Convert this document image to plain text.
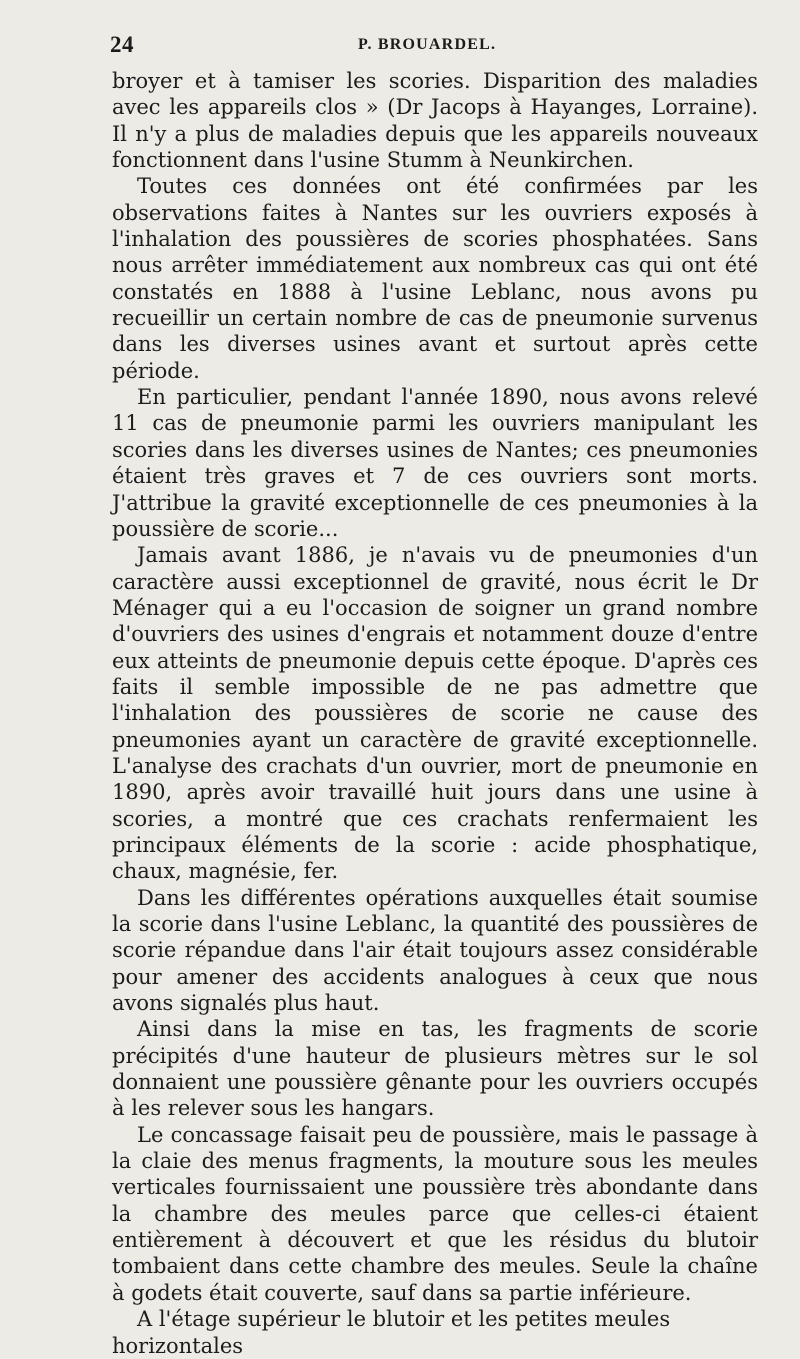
24	P. BROUARDEL.

broyer et à tamiser les scories. Disparition des maladies avec les appareils clos » (Dr Jacops à Hayanges, Lorraine). Il n'y a plus de maladies depuis que les appareils nouveaux fonctionnent dans l'usine Stumm à Neunkirchen.

Toutes ces données ont été confirmées par les observations faites à Nantes sur les ouvriers exposés à l'inhalation des poussières de scories phosphatées. Sans nous arrêter immédiatement aux nombreux cas qui ont été constatés en 1888 à l'usine Leblanc, nous avons pu recueillir un certain nombre de cas de pneumonie survenus dans les diverses usines avant et surtout après cette période.

En particulier, pendant l'année 1890, nous avons relevé 11 cas de pneumonie parmi les ouvriers manipulant les scories dans les diverses usines de Nantes; ces pneumonies étaient très graves et 7 de ces ouvriers sont morts. J'attribue la gravité exceptionnelle de ces pneumonies à la poussière de scorie...

Jamais avant 1886, je n'avais vu de pneumonies d'un caractère aussi exceptionnel de gravité, nous écrit le Dr Ménager qui a eu l'occasion de soigner un grand nombre d'ouvriers des usines d'engrais et notamment douze d'entre eux atteints de pneumonie depuis cette époque. D'après ces faits il semble impossible de ne pas admettre que l'inhalation des poussières de scorie ne cause des pneumonies ayant un caractère de gravité exceptionnelle. L'analyse des crachats d'un ouvrier, mort de pneumonie en 1890, après avoir travaillé huit jours dans une usine à scories, a montré que ces crachats renfermaient les principaux éléments de la scorie : acide phosphatique, chaux, magnésie, fer.

Dans les différentes opérations auxquelles était soumise la scorie dans l'usine Leblanc, la quantité des poussières de scorie répandue dans l'air était toujours assez considérable pour amener des accidents analogues à ceux que nous avons signalés plus haut.

Ainsi dans la mise en tas, les fragments de scorie précipités d'une hauteur de plusieurs mètres sur le sol donnaient une poussière gênante pour les ouvriers occupés à les relever sous les hangars.

Le concassage faisait peu de poussière, mais le passage à la claie des menus fragments, la mouture sous les meules verticales fournissaient une poussière très abondante dans la chambre des meules parce que celles-ci étaient entièrement à découvert et que les résidus du blutoir tombaient dans cette chambre des meules. Seule la chaîne à godets était couverte, sauf dans sa partie inférieure.

A l'étage supérieur le blutoir et les petites meules horizontales
